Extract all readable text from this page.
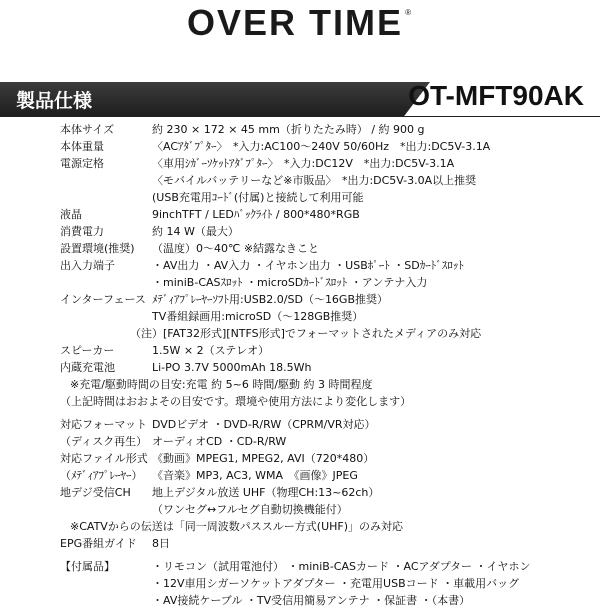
OVER TIME ®
製品仕様	OT-MFT90AK
本体サイズ	約 230 × 172 × 45 mm（折りたたみ時） / 約 900 g
本体重量	〈ACｱﾀﾞﾌﾟﾀｰ〉　*入力:AC100～240V 50/60Hz　*出力:DC5V-3.1A
電源定格	〈車用ｼｶﾞｰｿｹｯﾄｱﾀﾞﾌﾟﾀｰ〉　*入力:DC12V　*出力:DC5V-3.1A
〈モバイルバッテリーなど※市販品〉　*出力:DC5V-3.0A以上推奨
(USB充電用ｺｰﾄﾞ(付属)と接続して利用可能
液晶	9inchTFT / LEDﾊﾞｯｸﾗｲﾄ / 800*480*RGB
消費電力	約 14 W（最大）
設置環境(推奨) （温度）0～40℃ ※結露なきこと
出入力端子	・AV出力 ・AV入力 ・イヤホン出力 ・USBﾎﾟｰﾄ ・SDｶｰﾄﾞｽﾛｯﾄ
・miniB-CASｽﾛｯﾄ ・microSDｶｰﾄﾞｽﾛｯﾄ ・アンテナ入力
インターフェース ﾒﾃﾞｨｱﾌﾟﾚｰﾔｰｿﾌﾄ用:USB2.0/SD（～16GB推奨）
TV番組録画用:microSD（～128GB推奨）
（注）[FAT32形式][NTFS形式]でフォーマットされたメディアのみ対応
スピーカー	1.5W × 2（ステレオ）
内蔵充電池	Li-PO 3.7V 5000mAh 18.5Wh
※充電/駆動時間の目安:充電 約 5~6 時間/駆動 約 3 時間程度
（上記時間はおおよその目安です。環境や使用方法により変化します）
対応フォーマット DVDビデオ ・DVD-R/RW（CPRM/VR対応）
（ディスク再生） オーディオCD ・CD-R/RW
対応ファイル形式 《動画》MPEG1, MPEG2, AVI（720*480）
（ﾒﾃﾞｨｱﾌﾟﾚｰﾔｰ） 《音楽》MP3, AC3, WMA　《画像》JPEG
地デジ受信CH 地上デジタル放送 UHF（物理CH:13~62ch）
（ワンセグ↔フルセグ自動切換機能付）
※CATVからの伝送は「同一周波数パススルー方式(UHF)」のみ対応
EPG番組ガイド 8日
【付属品】	・リモコン（試用電池付） ・miniB-CASカード ・ACアダプター ・イヤホン
・12V車用シガーソケットアダプター ・充電用USBコード ・車載用バッグ
・AV接続ケーブル ・TV受信用簡易アンテナ ・保証書 ・（本書）
